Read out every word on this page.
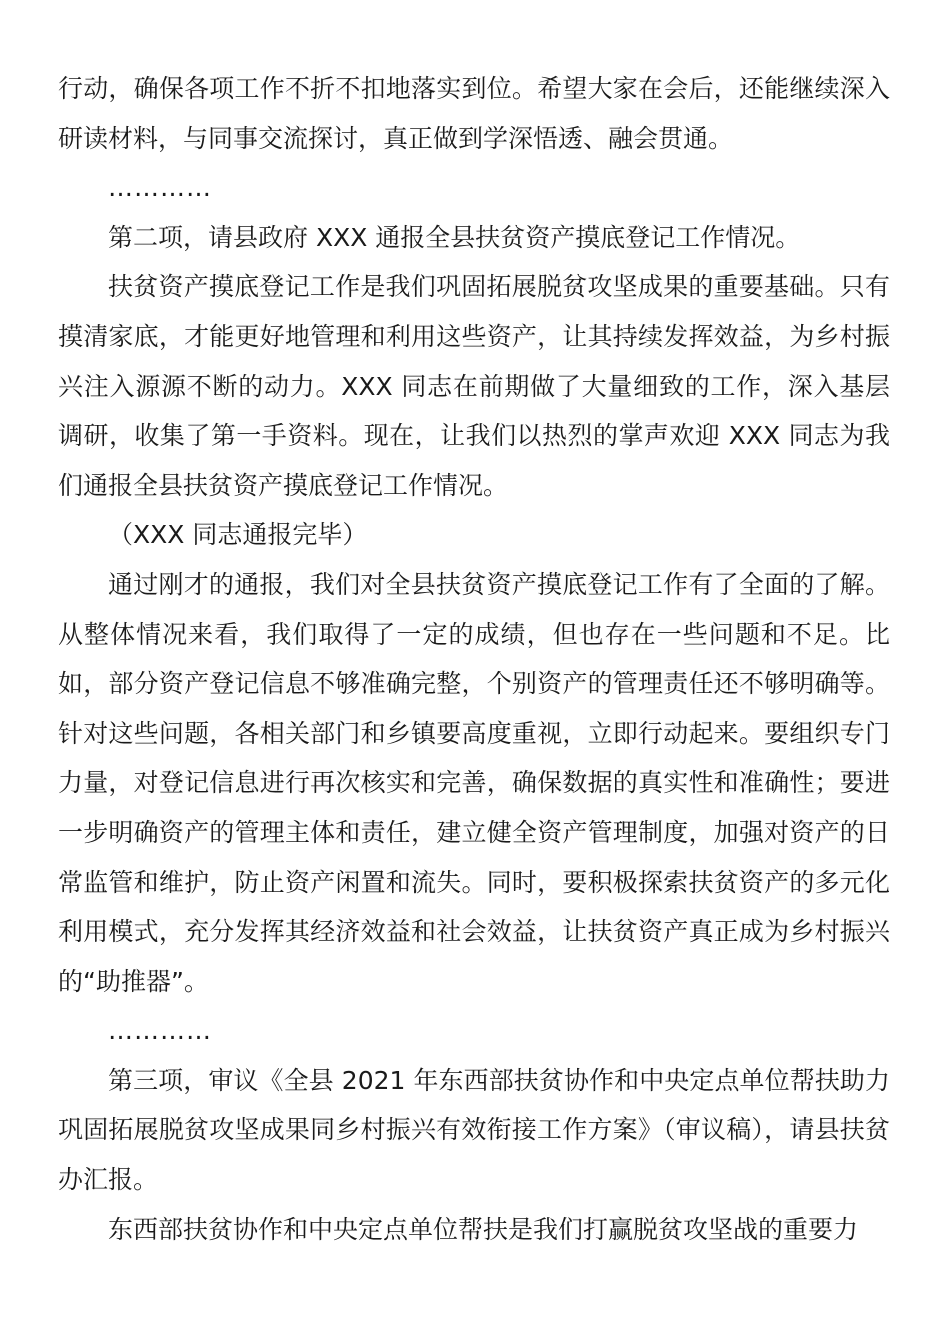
行动，确保各项工作不折不扣地落实到位。希望大家在会后，还能继续深入研读材料，与同事交流探讨，真正做到学深悟透、融会贯通。

…………

第二项，请县政府 XXX 通报全县扶贫资产摸底登记工作情况。

扶贫资产摸底登记工作是我们巩固拓展脱贫攻坚成果的重要基础。只有摸清家底，才能更好地管理和利用这些资产，让其持续发挥效益，为乡村振兴注入源源不断的动力。XXX 同志在前期做了大量细致的工作，深入基层调研，收集了第一手资料。现在，让我们以热烈的掌声欢迎 XXX 同志为我们通报全县扶贫资产摸底登记工作情况。

（XXX 同志通报完毕）

通过刚才的通报，我们对全县扶贫资产摸底登记工作有了全面的了解。从整体情况来看，我们取得了一定的成绩，但也存在一些问题和不足。比如，部分资产登记信息不够准确完整，个别资产的管理责任还不够明确等。针对这些问题，各相关部门和乡镇要高度重视，立即行动起来。要组织专门力量，对登记信息进行再次核实和完善，确保数据的真实性和准确性；要进一步明确资产的管理主体和责任，建立健全资产管理制度，加强对资产的日常监管和维护，防止资产闲置和流失。同时，要积极探索扶贫资产的多元化利用模式，充分发挥其经济效益和社会效益，让扶贫资产真正成为乡村振兴的“助推器”。

…………

第三项，审议《全县 2021 年东西部扶贫协作和中央定点单位帮扶助力巩固拓展脱贫攻坚成果同乡村振兴有效衔接工作方案》（审议稿），请县扶贫办汇报。

东西部扶贫协作和中央定点单位帮扶是我们打赢脱贫攻坚战的重要力
